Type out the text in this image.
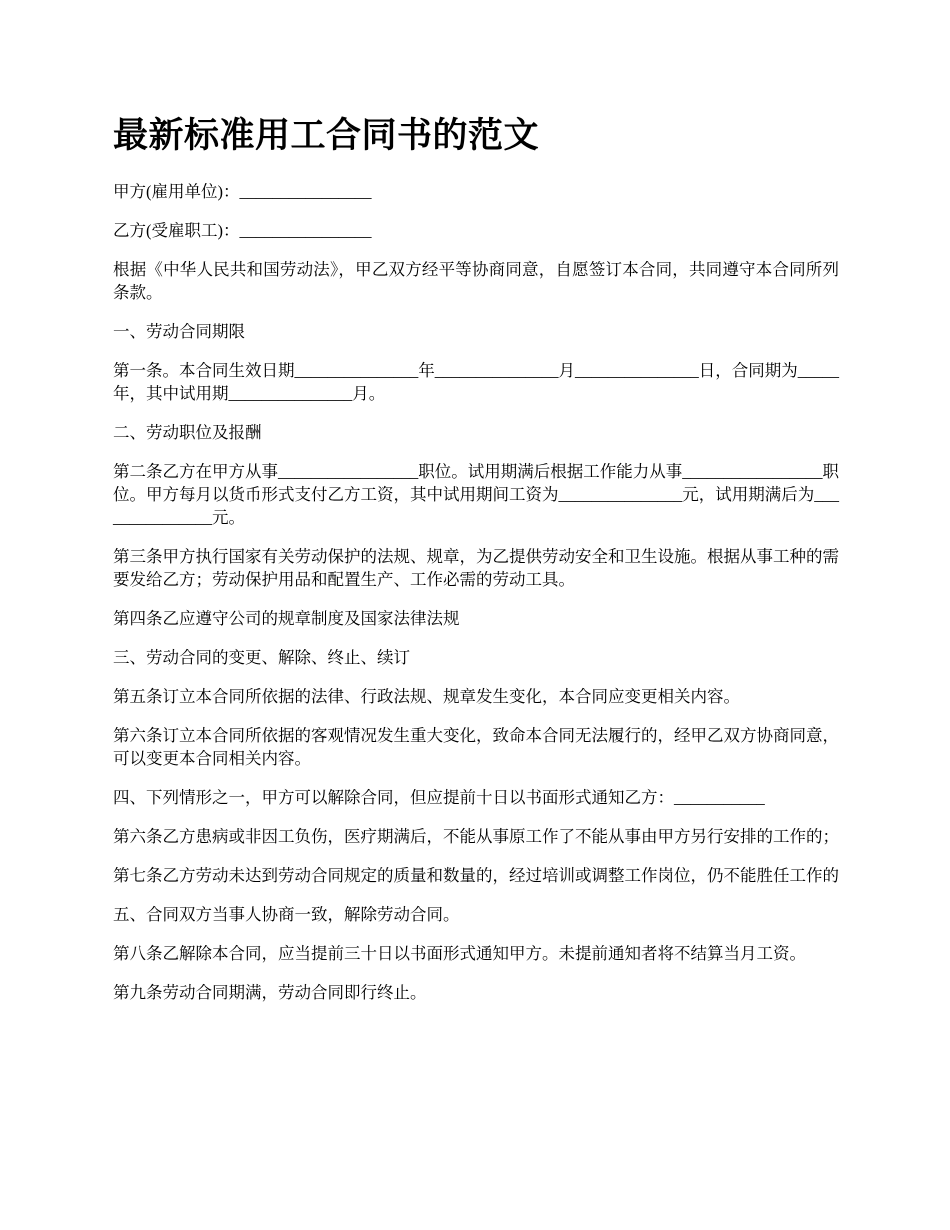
最新标准用工合同书的范文

甲方(雇用单位)：________________

乙方(受雇职工)：________________

根据《中华人民共和国劳动法》，甲乙双方经平等协商同意，自愿签订本合同，共同遵守本合同所列条款。

一、劳动合同期限

第一条。本合同生效日期_______________年_______________月_______________日，合同期为_____年，其中试用期_______________月。

二、劳动职位及报酬

第二条乙方在甲方从事_________________职位。试用期满后根据工作能力从事_________________职位。甲方每月以货币形式支付乙方工资，其中试用期间工资为_______________元，试用期满后为_______________元。

第三条甲方执行国家有关劳动保护的法规、规章，为乙提供劳动安全和卫生设施。根据从事工种的需要发给乙方；劳动保护用品和配置生产、工作必需的劳动工具。

第四条乙应遵守公司的规章制度及国家法律法规

三、劳动合同的变更、解除、终止、续订

第五条订立本合同所依据的法律、行政法规、规章发生变化，本合同应变更相关内容。

第六条订立本合同所依据的客观情况发生重大变化，致命本合同无法履行的，经甲乙双方协商同意，可以变更本合同相关内容。

四、下列情形之一，甲方可以解除合同，但应提前十日以书面形式通知乙方：___________

第六条乙方患病或非因工负伤，医疗期满后，不能从事原工作了不能从事由甲方另行安排的工作的；

第七条乙方劳动未达到劳动合同规定的质量和数量的，经过培训或调整工作岗位，仍不能胜任工作的

五、合同双方当事人协商一致，解除劳动合同。

第八条乙解除本合同，应当提前三十日以书面形式通知甲方。未提前通知者将不结算当月工资。

第九条劳动合同期满，劳动合同即行终止。
